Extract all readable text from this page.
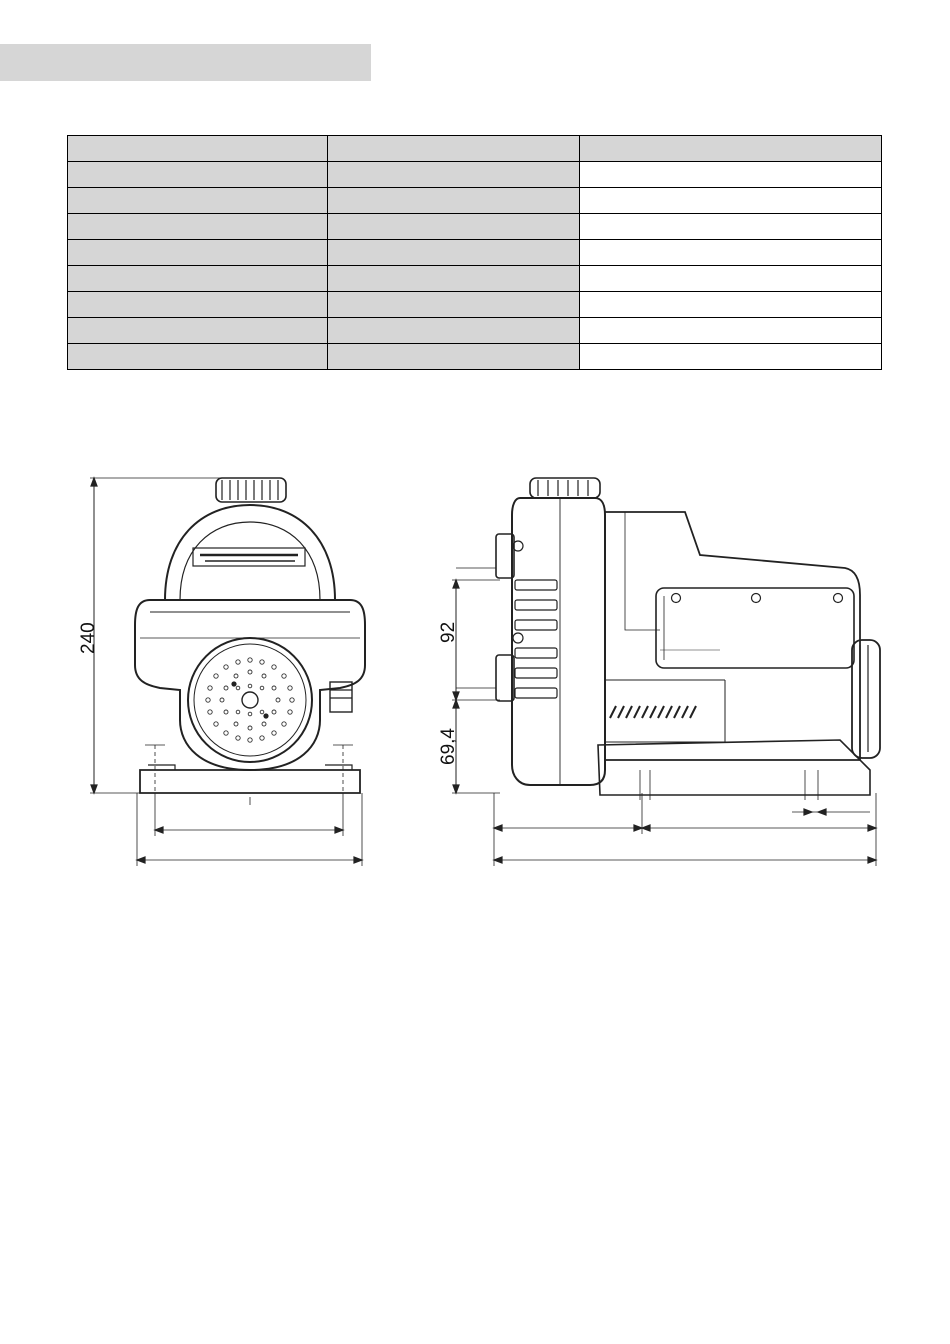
240	92
69,4
